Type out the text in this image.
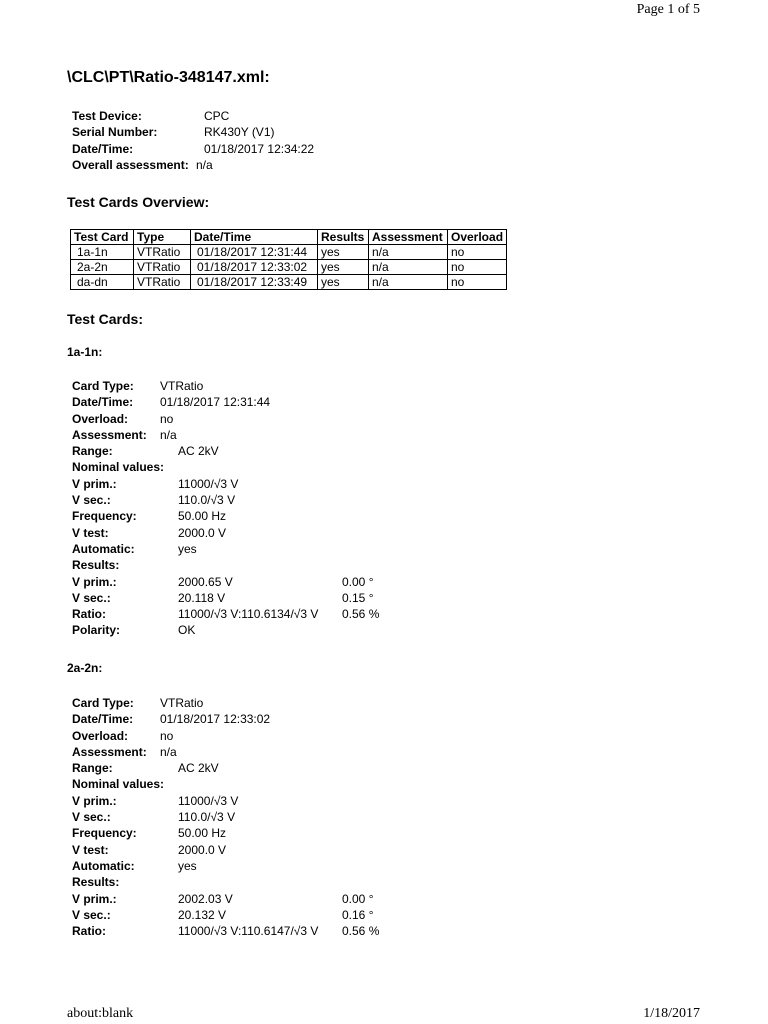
Page 1 of 5
about:blank	1/18/2017
\CLC\PT\Ratio-348147.xml:
Test Device:	CPC
Serial Number:	RK430Y (V1)
Date/Time:	01/18/2017 12:34:22
Overall assessment: n/a
Test Cards Overview:
Test Card	Type	Date/Time	Results	Assessment	Overload
1a-1n	VTRatio	01/18/2017 12:31:44	yes	n/a	no
2a-2n	VTRatio	01/18/2017 12:33:02	yes	n/a	no
da-dn	VTRatio	01/18/2017 12:33:49	yes	n/a	no
Test Cards:
1a-1n:
Card Type:	VTRatio
Date/Time:	01/18/2017 12:31:44
Overload:	no
Assessment:	n/a
Range:	AC 2kV
Nominal values:
V prim.:	11000/√3 V
V sec.:	110.0/√3 V
Frequency:	50.00 Hz
V test:	2000.0 V
Automatic:	yes
Results:
V prim.:	2000.65 V	0.00 °
V sec.:	20.118 V	0.15 °
Ratio:	11000/√3 V:110.6134/√3 V	0.56 %
Polarity:	OK
2a-2n:
Card Type:	VTRatio
Date/Time:	01/18/2017 12:33:02
Overload:	no
Assessment:	n/a
Range:	AC 2kV
Nominal values:
V prim.:	11000/√3 V
V sec.:	110.0/√3 V
Frequency:	50.00 Hz
V test:	2000.0 V
Automatic:	yes
Results:
V prim.:	2002.03 V	0.00 °
V sec.:	20.132 V	0.16 °
Ratio:	11000/√3 V:110.6147/√3 V	0.56 %
